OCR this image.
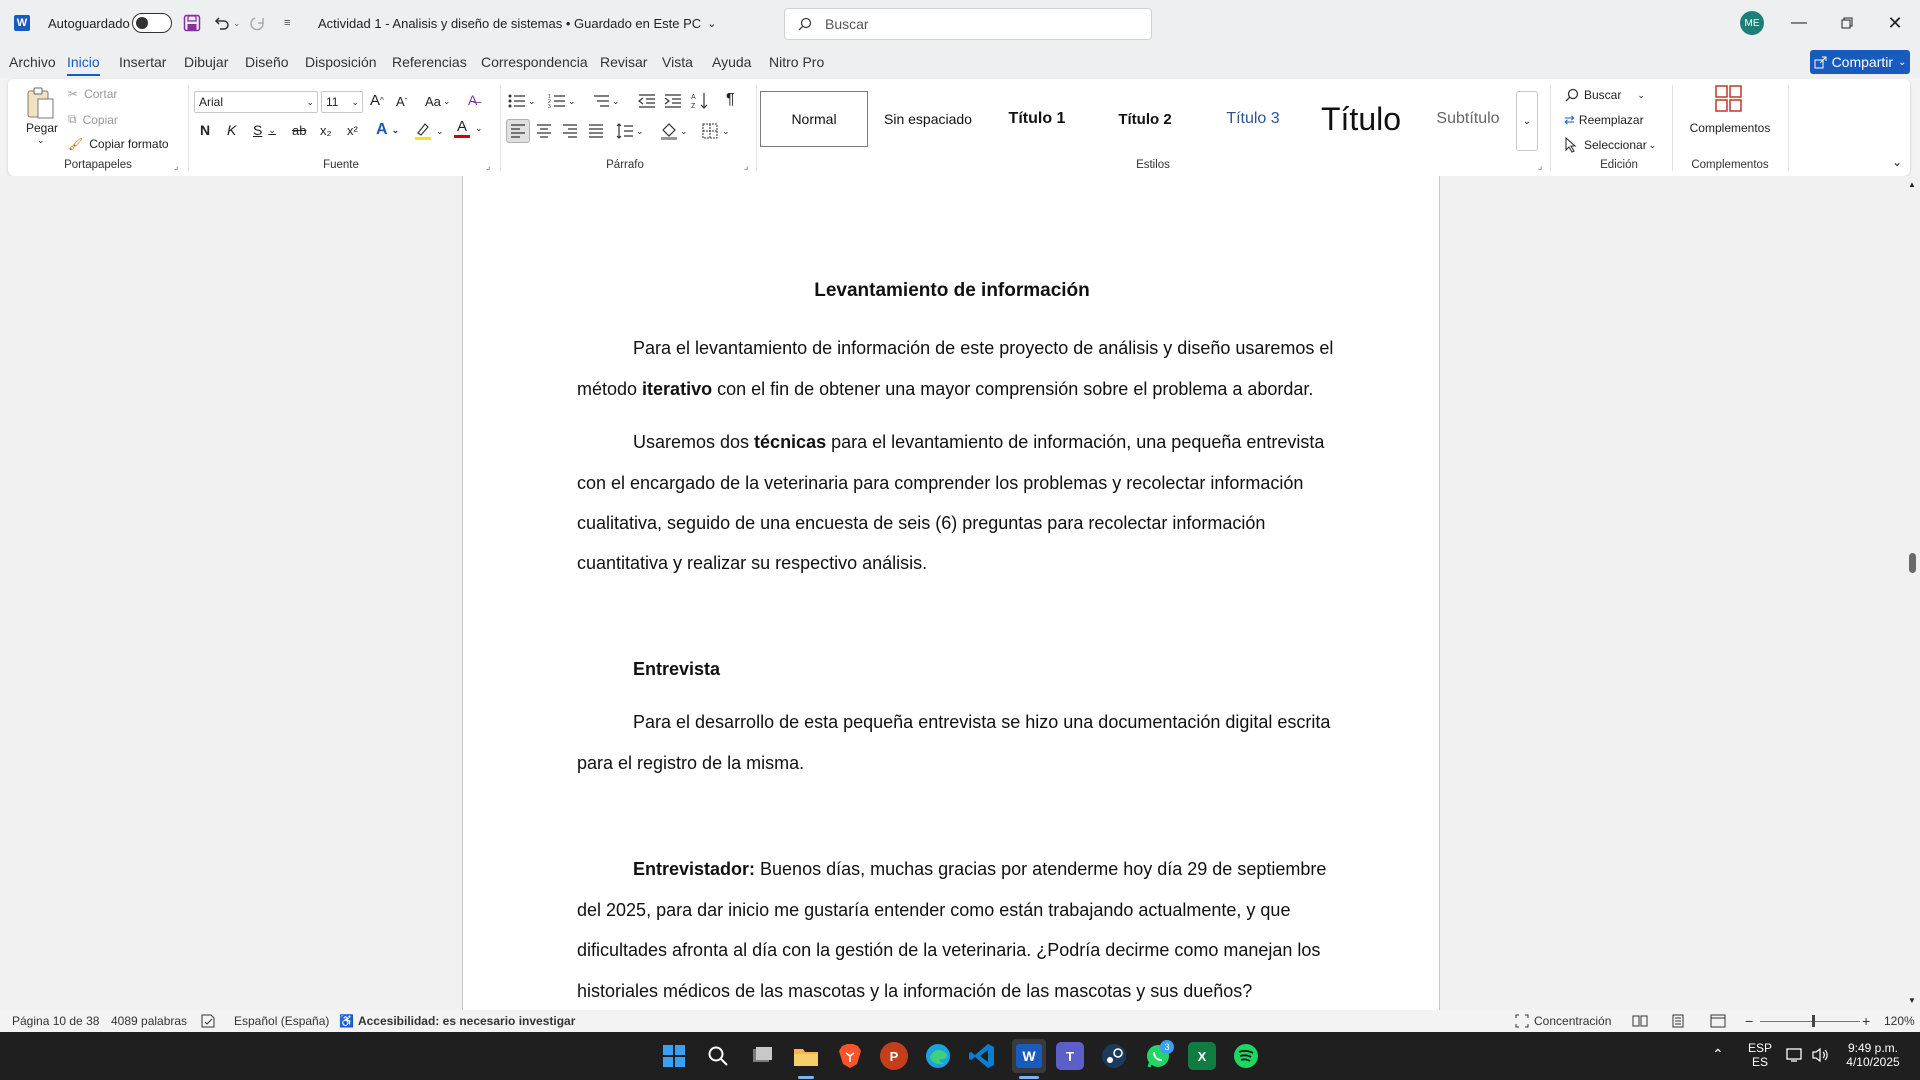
W Autoguardado	⌄	≡ Actividad 1 - Analisis y diseño de sistemas • Guardado en Este PC ⌄	Buscar	ME	—	✕
Archivo Inicio Insertar Dibujar Diseño Disposición Referencias Correspondencia Revisar Vista Ayuda Nitro Pro	Compartir ⌄
Pegar
⌄
✂ Cortar
⧉ Copiar
🖌 Copiar formato
Portapapeles	⌟
Arial	⌄ 11 ⌄ A ^ A ˇ Aa ⌄ A̶
N K S ⌄ ab x₂ x² A ⌄	⌄ A ⌄
Fuente	⌟
⌄ 1
2
3
⌄	⌄	A
Z ¶
⌄	⌄	⌄
Párrafo	⌟
Normal	Sin espaciado	Título 1	Título 2	Título 3	Título	Subtítulo	⌄
Estilos	⌟
Buscar ⌄
⇄ Reemplazar
Seleccionar ⌄
Edición
Complementos
Complementos	⌄
Levantamiento de información
Para el levantamiento de información de este proyecto de análisis y diseño usaremos el
método iterativo con el fin de obtener una mayor comprensión sobre el problema a abordar.
Usaremos dos técnicas para el levantamiento de información, una pequeña entrevista
con el encargado de la veterinaria para comprender los problemas y recolectar información
cualitativa, seguido de una encuesta de seis (6) preguntas para recolectar información
cuantitativa y realizar su respectivo análisis.
Entrevista
Para el desarrollo de esta pequeña entrevista se hizo una documentación digital escrita
para el registro de la misma.
Entrevistador: Buenos días, muchas gracias por atenderme hoy día 29 de septiembre
del 2025, para dar inicio me gustaría entender como están trabajando actualmente, y que
dificultades afronta al día con la gestión de la veterinaria. ¿Podría decirme como manejan los
historiales médicos de las mascotas y la información de las mascotas y sus dueños?
▲
▼
Página 10 de 38 4089 palabras	Español (España) ♿ Accesibilidad: es necesario investigar	Concentración	−	+ 120%
P	W	T
3
X	⌃	ESP
ES
9:49 p.m.
4/10/2025
